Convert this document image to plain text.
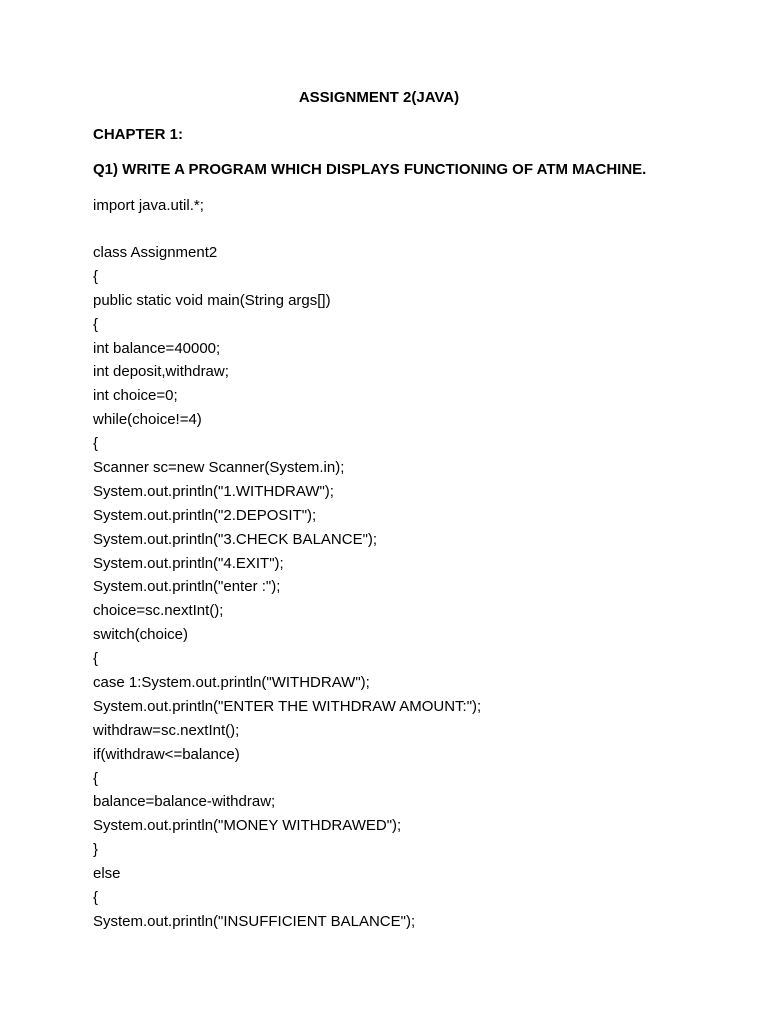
ASSIGNMENT 2(JAVA)
CHAPTER 1:
Q1) WRITE A PROGRAM WHICH DISPLAYS FUNCTIONING OF ATM MACHINE.
import java.util.*;
class Assignment2
{
public static void main(String args[])
{
int balance=40000;
int deposit,withdraw;
int choice=0;
while(choice!=4)
{
Scanner sc=new Scanner(System.in);
System.out.println("1.WITHDRAW");
System.out.println("2.DEPOSIT");
System.out.println("3.CHECK BALANCE");
System.out.println("4.EXIT");
System.out.println("enter :");
choice=sc.nextInt();
switch(choice)
{
case 1:System.out.println("WITHDRAW");
System.out.println("ENTER THE WITHDRAW AMOUNT:");
withdraw=sc.nextInt();
if(withdraw<=balance)
{
balance=balance-withdraw;
System.out.println("MONEY WITHDRAWED");
}
else
{
System.out.println("INSUFFICIENT BALANCE");
